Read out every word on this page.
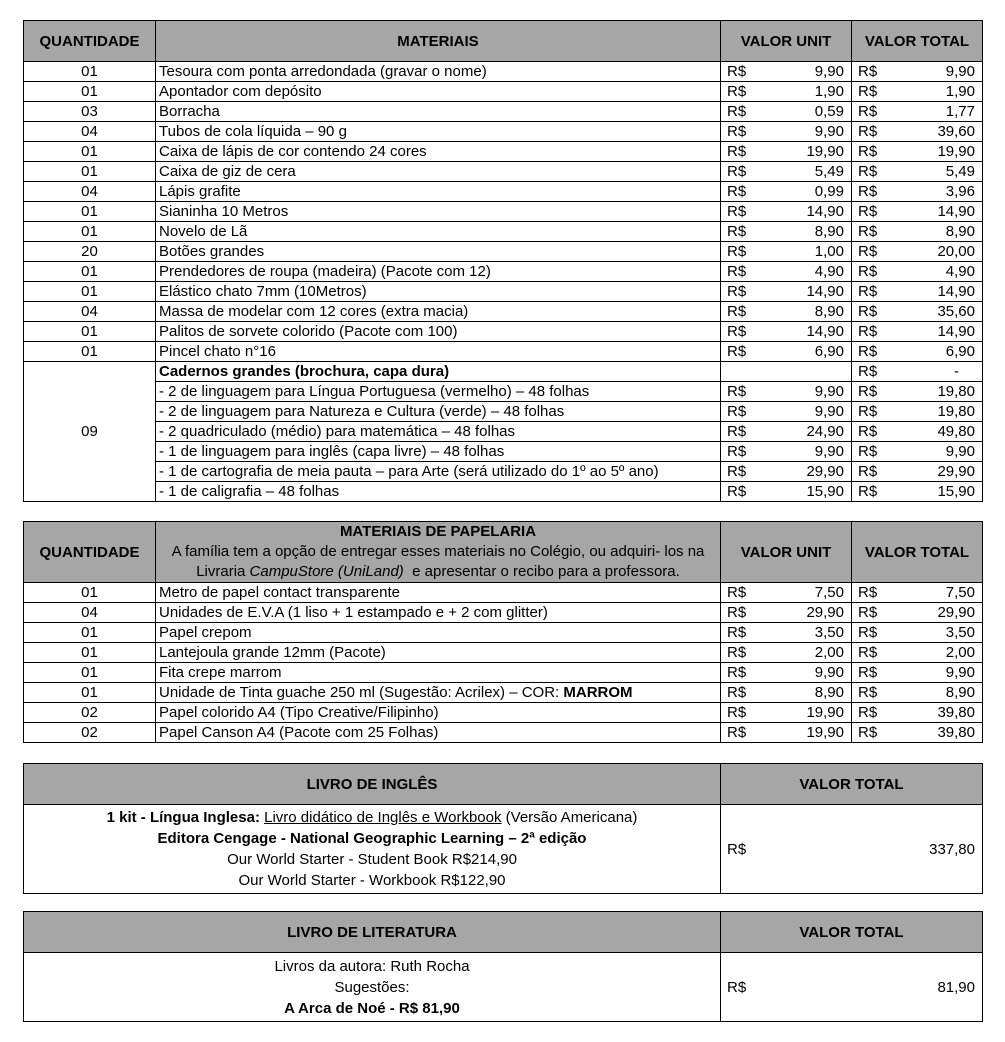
QUANTIDADE	MATERIAIS	VALOR UNIT	VALOR TOTAL
01	Tesoura com ponta arredondada (gravar o nome)	R$ 9,90	R$ 9,90

01	Apontador com depósito	R$ 1,90	R$ 1,90

03	Borracha	R$ 0,59	R$ 1,77

04	Tubos de cola líquida – 90 g	R$ 9,90	R$ 39,60

01	Caixa de lápis de cor contendo 24 cores	R$ 19,90	R$ 19,90

01	Caixa de giz de cera	R$ 5,49	R$ 5,49

04	Lápis grafite	R$ 0,99	R$ 3,96

01	Sianinha 10 Metros	R$ 14,90	R$ 14,90

01	Novelo de Lã	R$ 8,90	R$ 8,90

20	Botões grandes	R$ 1,00	R$ 20,00

01	Prendedores de roupa (madeira) (Pacote com 12)	R$ 4,90	R$ 4,90

01	Elástico chato 7mm (10Metros)	R$ 14,90	R$ 14,90

04	Massa de modelar com 12 cores (extra macia)	R$ 8,90	R$ 35,60

01	Palitos de sorvete colorido (Pacote com 100)	R$ 14,90	R$ 14,90

01	Pincel chato n°16	R$ 6,90	R$ 6,90

09	Cadernos grandes (brochura, capa dura)		R$ -

	- 2 de linguagem para Língua Portuguesa (vermelho) – 48 folhas	R$ 9,90	R$ 19,80

	- 2 de linguagem para Natureza e Cultura (verde) – 48 folhas	R$ 9,90	R$ 19,80

	- 2 quadriculado (médio) para matemática – 48 folhas	R$ 24,90	R$ 49,80

	- 1 de linguagem para inglês (capa livre) – 48 folhas	R$ 9,90	R$ 9,90

	- 1 de cartografia de meia pauta – para Arte (será utilizado do 1º ao 5º ano)	R$ 29,90	R$ 29,90

	- 1 de caligrafia – 48 folhas	R$ 15,90	R$ 15,90
QUANTIDADE	MATERIAIS DE PAPELARIA
A família tem a opção de entregar esses materiais no Colégio, ou adquiri- los na
Livraria CampuStore (UniLand)  e apresentar o recibo para a professora.	VALOR UNIT	VALOR TOTAL
01	Metro de papel contact transparente	R$ 7,50	R$ 7,50

04	Unidades de E.V.A (1 liso + 1 estampado e + 2 com glitter)	R$ 29,90	R$ 29,90

01	Papel crepom	R$ 3,50	R$ 3,50

01	Lantejoula grande 12mm (Pacote)	R$ 2,00	R$ 2,00

01	Fita crepe marrom	R$ 9,90	R$ 9,90

01	Unidade de Tinta guache 250 ml (Sugestão: Acrilex) – COR: MARROM	R$ 8,90	R$ 8,90

02	Papel colorido A4 (Tipo Creative/Filipinho)	R$ 19,90	R$ 39,80

02	Papel Canson A4 (Pacote com 25 Folhas)	R$ 19,90	R$ 39,80
LIVRO DE INGLÊS	VALOR TOTAL

1 kit - Língua Inglesa: Livro didático de Inglês e Workbook (Versão Americana)
Editora Cengage - National Geographic Learning – 2ª edição
Our World Starter - Student Book R$214,90
Our World Starter - Workbook R$122,90

R$	337,80
LIVRO DE LITERATURA	VALOR TOTAL

Livros da autora: Ruth Rocha
Sugestões:
A Arca de Noé - R$ 81,90

R$	81,90
